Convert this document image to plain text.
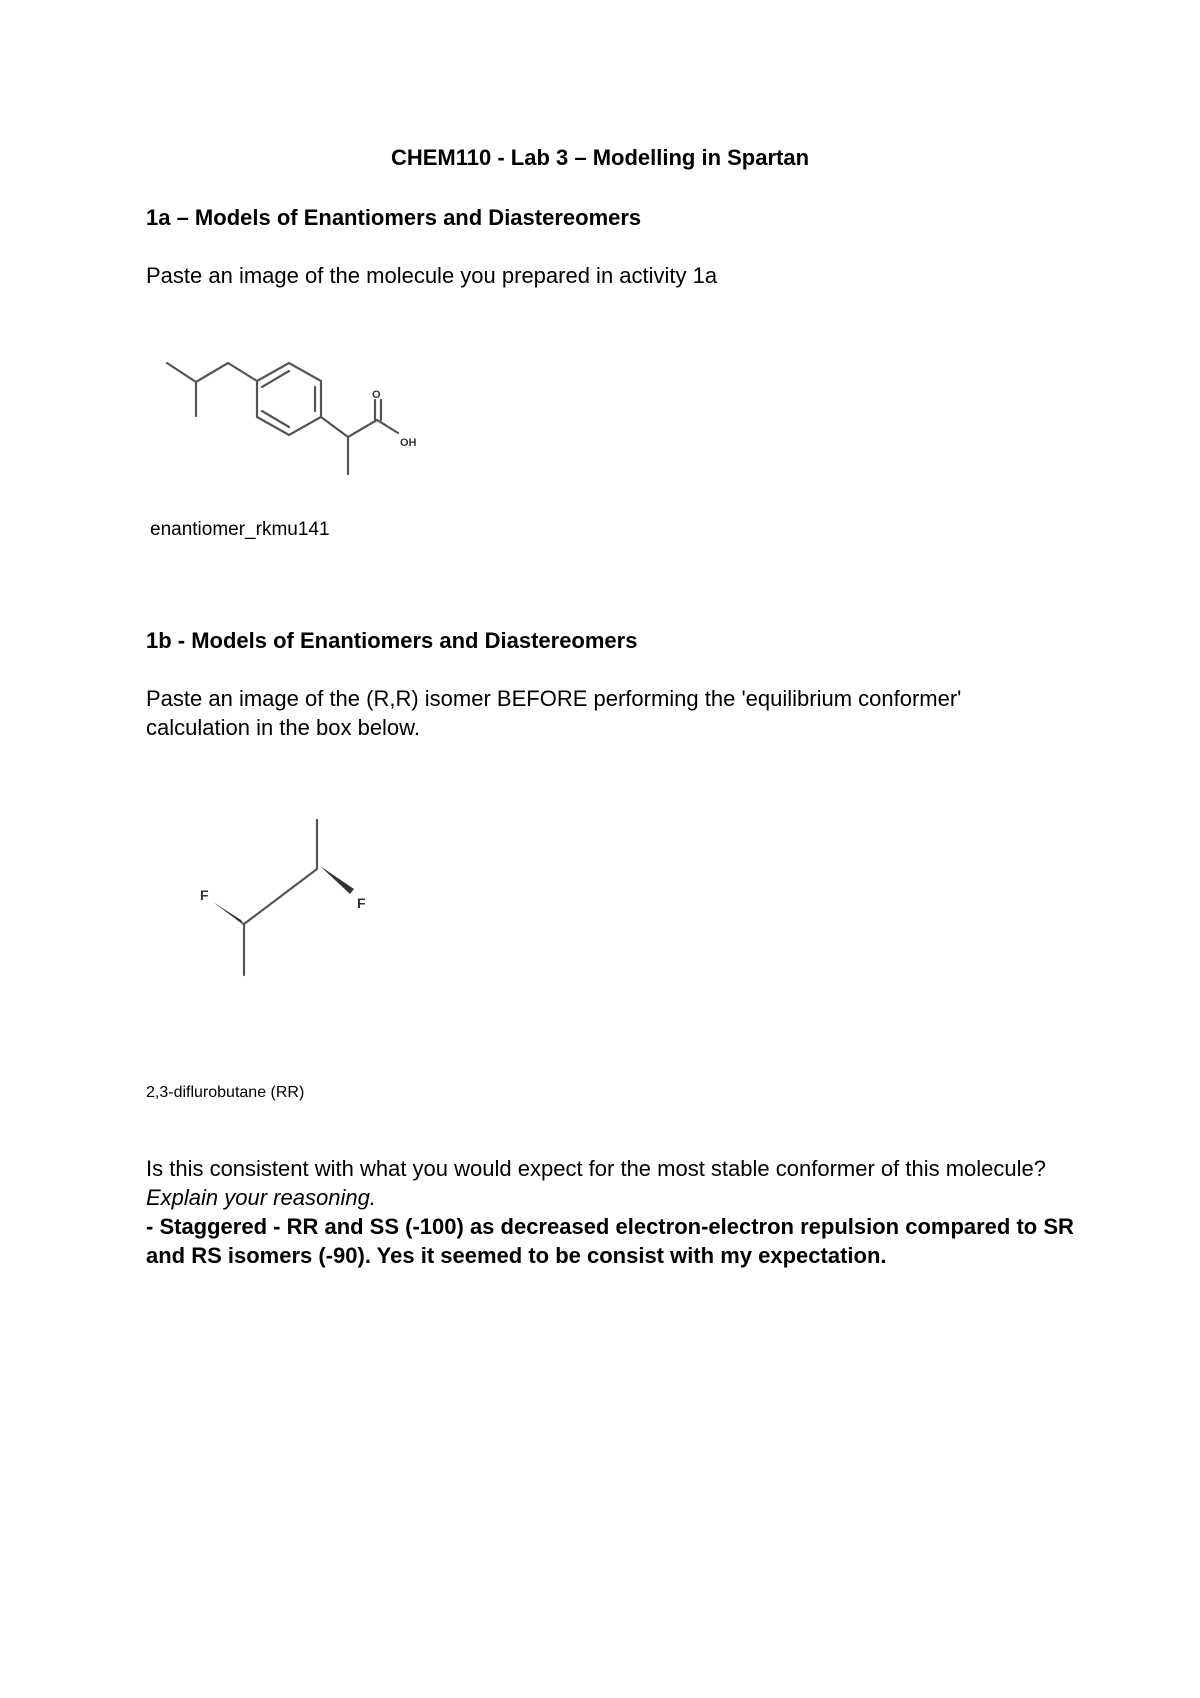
CHEM110 - Lab 3 – Modelling in Spartan
1a – Models of Enantiomers and Diastereomers
Paste an image of the molecule you prepared in activity 1a
O
OH
enantiomer_rkmu141
1b - Models of Enantiomers and Diastereomers
Paste an image of the (R,R) isomer BEFORE performing the 'equilibrium conformer' calculation in the box below.
F	F
2,3-diflurobutane (RR)
Is this consistent with what you would expect for the most stable conformer of this molecule? Explain your reasoning.
- Staggered - RR and SS (-100) as decreased electron-electron repulsion compared to SR and RS isomers (-90). Yes it seemed to be consist with my expectation.
